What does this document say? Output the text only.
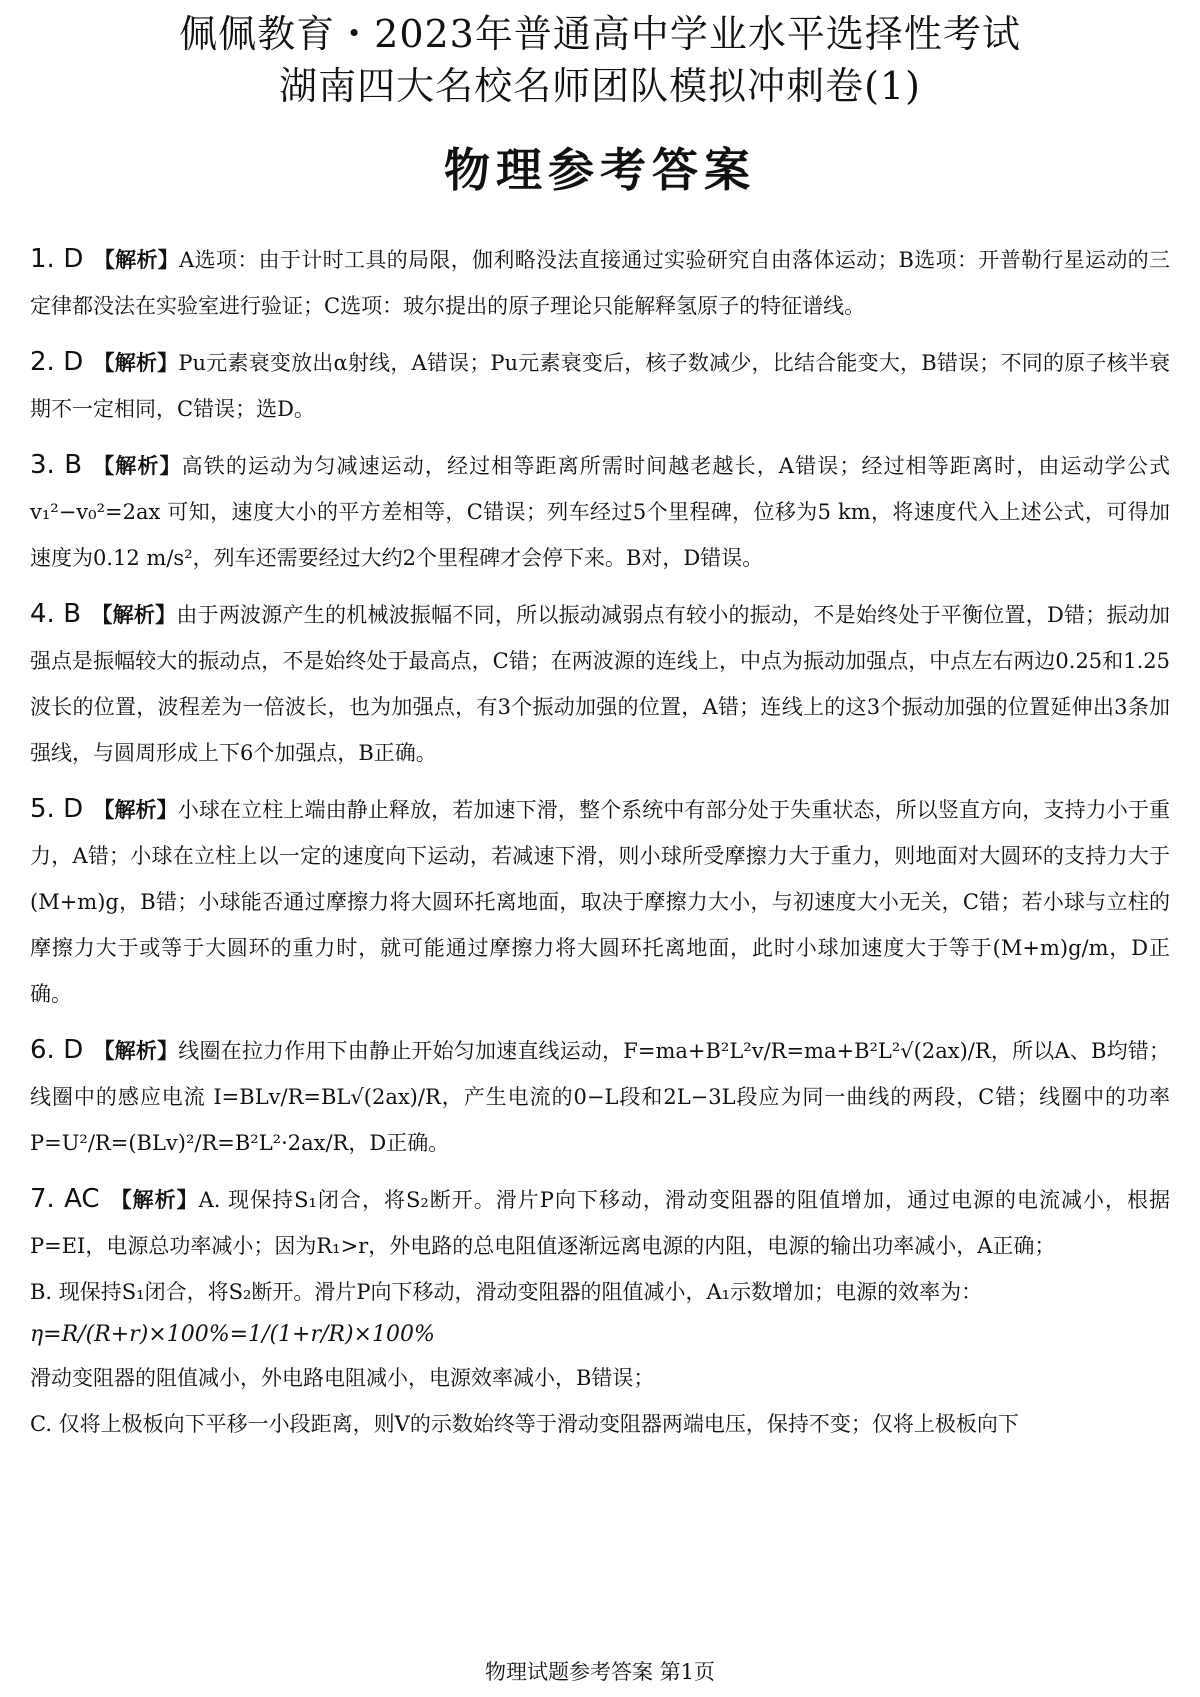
佩佩教育・2023年普通高中学业水平选择性考试
湖南四大名校名师团队模拟冲刺卷(1)
物理参考答案

1. D 【解析】A选项：由于计时工具的局限，伽利略没法直接通过实验研究自由落体运动；B选项：开普勒行星运动的三定律都没法在实验室进行验证；C选项：玻尔提出的原子理论只能解释氢原子的特征谱线。

2. D 【解析】Pu元素衰变放出α射线，A错误；Pu元素衰变后，核子数减少，比结合能变大，B错误；不同的原子核半衰期不一定相同，C错误；选D。

3. B 【解析】高铁的运动为匀减速运动，经过相等距离所需时间越老越长，A错误；经过相等距离时，由运动学公式 v₁²−v₀²=2ax 可知，速度大小的平方差相等，C错误；列车经过5个里程碑，位移为5 km，将速度代入上述公式，可得加速度为0.12 m/s²，列车还需要经过大约2个里程碑才会停下来。B对，D错误。

4. B 【解析】由于两波源产生的机械波振幅不同，所以振动减弱点有较小的振动，不是始终处于平衡位置，D错；振动加强点是振幅较大的振动点，不是始终处于最高点，C错；在两波源的连线上，中点为振动加强点，中点左右两边0.25和1.25波长的位置，波程差为一倍波长，也为加强点，有3个振动加强的位置，A错；连线上的这3个振动加强的位置延伸出3条加强线，与圆周形成上下6个加强点，B正确。

5. D 【解析】小球在立柱上端由静止释放，若加速下滑，整个系统中有部分处于失重状态，所以竖直方向，支持力小于重力，A错；小球在立柱上以一定的速度向下运动，若减速下滑，则小球所受摩擦力大于重力，则地面对大圆环的支持力大于(M+m)g，B错；小球能否通过摩擦力将大圆环托离地面，取决于摩擦力大小，与初速度大小无关，C错；若小球与立柱的摩擦力大于或等于大圆环的重力时，就可能通过摩擦力将大圆环托离地面，此时小球加速度大于等于(M+m)g/m，D正确。

6. D 【解析】线圈在拉力作用下由静止开始匀加速直线运动，F=ma+B²L²v/R=ma+B²L²√(2ax)/R，所以A、B均错；线圈中的感应电流 I=BLv/R=BL√(2ax)/R，产生电流的0−L段和2L−3L段应为同一曲线的两段，C错；线圈中的功率 P=U²/R=(BLv)²/R=B²L²·2ax/R，D正确。

7. AC 【解析】A. 现保持S₁闭合，将S₂断开。滑片P向下移动，滑动变阻器的阻值增加，通过电源的电流减小，根据P=EI，电源总功率减小；因为R₁>r，外电路的总电阻值逐渐远离电源的内阻，电源的输出功率减小，A正确；

B. 现保持S₁闭合，将S₂断开。滑片P向下移动，滑动变阻器的阻值减小，A₁示数增加；电源的效率为：

η=R/(R+r)×100%=1/(1+r/R)×100%

滑动变阻器的阻值减小，外电路电阻减小，电源效率减小，B错误；

C. 仅将上极板向下平移一小段距离，则V的示数始终等于滑动变阻器两端电压，保持不变；仅将上极板向下

物理试题参考答案 第1页
